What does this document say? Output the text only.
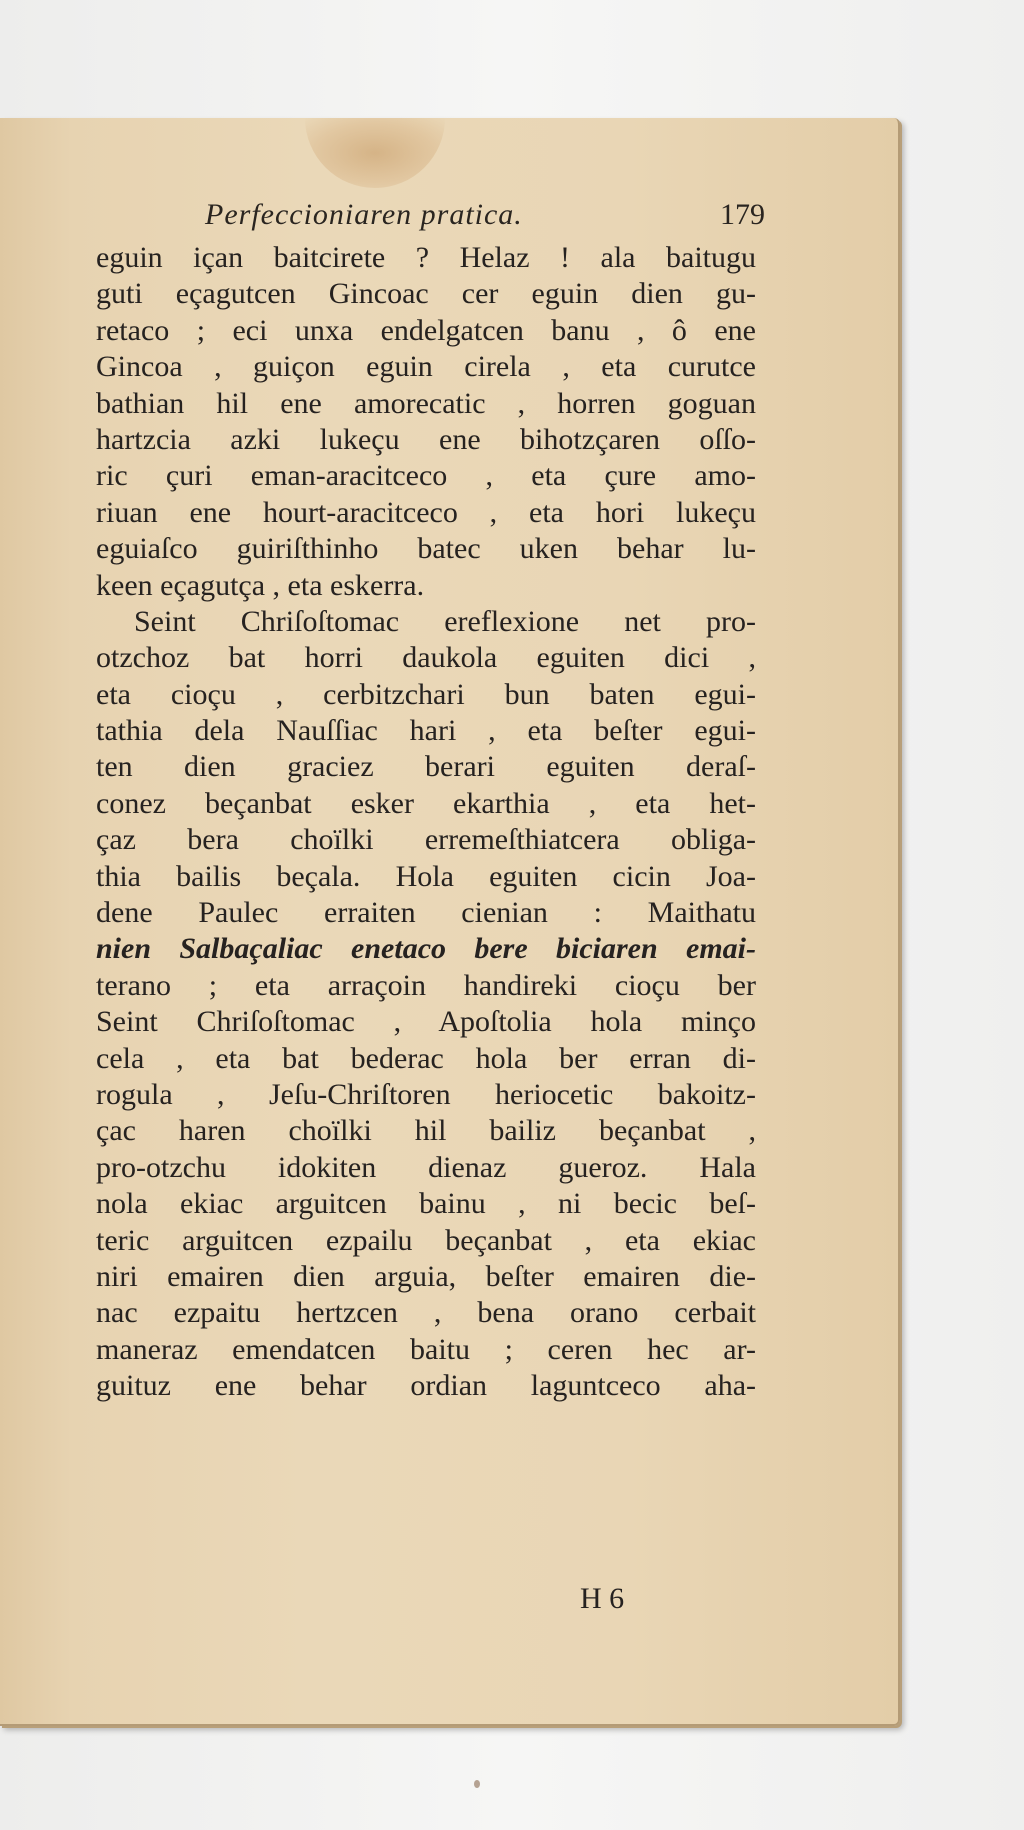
Perfeccioniaren pratica.	179
eguin içan baitcirete ? Helaz ! ala baitugu
guti eçagutcen Gincoac cer eguin dien gu-
retaco ; eci unxa endelgatcen banu , ô ene
Gincoa , guiçon eguin cirela , eta curutce
bathian hil ene amorecatic , horren goguan
hartzcia azki lukeçu ene bihotzçaren oſſo-
ric çuri eman-aracitceco , eta çure amo-
riuan ene hourt-aracitceco , eta hori lukeçu
eguiaſco guiriſthinho batec uken behar lu-
keen eçagutça , eta eskerra.
Seint Chriſoſtomac ereflexione net pro-
otzchoz bat horri daukola eguiten dici ,
eta cioçu , cerbitzchari bun baten egui-
tathia dela Nauſſiac hari , eta beſter egui-
ten dien graciez berari eguiten deraſ-
conez beçanbat esker ekarthia , eta het-
çaz bera choïlki erremeſthiatcera obliga-
thia bailis beçala. Hola eguiten cicin Joa-
dene Paulec erraiten cienian : Maithatu
nien Salbaçaliac enetaco bere biciaren emai-
terano ; eta arraçoin handireki cioçu ber
Seint Chriſoſtomac , Apoſtolia hola minço
cela , eta bat bederac hola ber erran di-
rogula , Jeſu-Chriſtoren heriocetic bakoitz-
çac haren choïlki hil bailiz beçanbat ,
pro-otzchu idokiten dienaz gueroz. Hala
nola ekiac arguitcen bainu , ni becic beſ-
teric arguitcen ezpailu beçanbat , eta ekiac
niri emairen dien arguia, beſter emairen die-
nac ezpaitu hertzcen , bena orano cerbait
maneraz emendatcen baitu ; ceren hec ar-
guituz ene behar ordian laguntceco aha-
H 6
